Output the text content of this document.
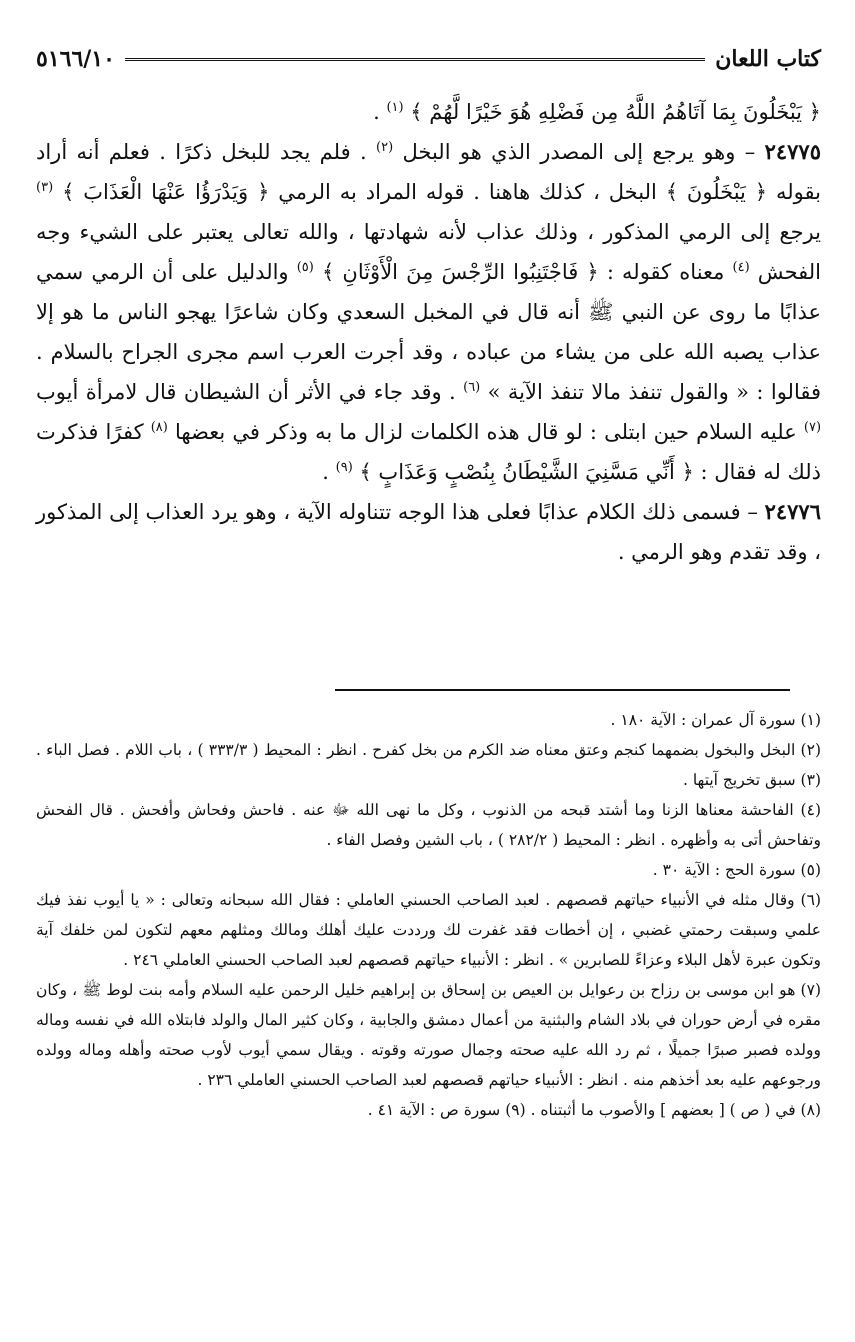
كتاب اللعان
٥١٦٦/١٠

﴿ يَبْخَلُونَ بِمَا آتَاهُمُ اللَّهُ مِن فَضْلِهِ هُوَ خَيْرًا لَّهُمْ ﴾ $^{(١)}$ .

٢٤٧٧٥ – وهو يرجع إلى المصدر الذي هو البخل $^{(٢)}$ . فلم يجد للبخل ذكرًا . فعلم أنه أراد بقوله ﴿ يَبْخَلُونَ ﴾ البخل ، كذلك هاهنا . قوله المراد به الرمي ﴿ وَيَدْرَؤُا عَنْهَا الْعَذَابَ ﴾ $^{(٣)}$ يرجع إلى الرمي المذكور ، وذلك عذاب لأنه شهادتها ، والله تعالى يعتبر على الشيء وجه الفحش $^{(٤)}$ معناه كقوله : ﴿ فَاجْتَنِبُوا الرِّجْسَ مِنَ الْأَوْثَانِ ﴾ $^{(٥)}$ والدليل على أن الرمي سمي عذابًا ما روى عن النبي ﷺ أنه قال في المخبل السعدي وكان شاعرًا يهجو الناس ما هو إلا عذاب يصبه الله على من يشاء من عباده ، وقد أجرت العرب اسم مجرى الجراح بالسلام . فقالوا : « والقول تنفذ مالا تنفذ الآية » $^{(٦)}$ . وقد جاء في الأثر أن الشيطان قال لامرأة أيوب $^{(٧)}$ عليه السلام حين ابتلى : لو قال هذه الكلمات لزال ما به وذكر في بعضها $^{(٨)}$ كفرًا فذكرت ذلك له فقال : ﴿ أَنِّي مَسَّنِيَ الشَّيْطَانُ بِنُصْبٍ وَعَذَابٍ ﴾ $^{(٩)}$ .

٢٤٧٧٦ – فسمى ذلك الكلام عذابًا فعلى هذا الوجه تتناوله الآية ، وهو يرد العذاب إلى المذكور ، وقد تقدم وهو الرمي .

(١) سورة آل عمران : الآية ١٨٠ .

(٢) البخل والبخول بضمهما كنجم وعتق معناه ضد الكرم من بخل كفرح . انظر : المحيط ( ٣٣٣/٣ ) ، باب اللام . فصل الباء . (٣) سبق تخريج آيتها .

(٤) الفاحشة معناها الزنا وما أشتد قبحه من الذنوب ، وكل ما نهى الله ﷻ عنه . فاحش وفحاش وأفحش . قال الفحش وتفاحش أتى به وأظهره . انظر : المحيط ( ٢٨٢/٢ ) ، باب الشين وفصل الفاء .

(٥) سورة الحج : الآية ٣٠ .

(٦) وقال مثله في الأنبياء حياتهم قصصهم . لعبد الصاحب الحسني العاملي : فقال الله سبحانه وتعالى : « يا أيوب نفذ فيك علمي وسبقت رحمتي غضبي ، إن أخطات فقد غفرت لك ورددت عليك أهلك ومالك ومثلهم معهم لتكون لمن خلفك آية وتكون عبرة لأهل البلاء وعزاءً للصابرين » . انظر : الأنبياء حياتهم قصصهم لعبد الصاحب الحسني العاملي ٢٤٦ .

(٧) هو ابن موسى بن رزاح بن رعوايل بن العيص بن إسحاق بن إبراهيم خليل الرحمن عليه السلام وأمه بنت لوط ﷺ ، وكان مقره في أرض حوران في بلاد الشام والبثنية من أعمال دمشق والجابية ، وكان كثير المال والولد فابتلاه الله في نفسه وماله وولده فصبر صبرًا جميلًا ، ثم رد الله عليه صحته وجمال صورته وقوته . ويقال سمي أيوب لأوب صحته وأهله وماله وولده ورجوعهم عليه بعد أخذهم منه . انظر : الأنبياء حياتهم قصصهم لعبد الصاحب الحسني العاملي ٢٣٦ .

(٨) في ( ص ) [ بعضهم ] والأصوب ما أثبتناه . (٩) سورة ص : الآية ٤١ .
